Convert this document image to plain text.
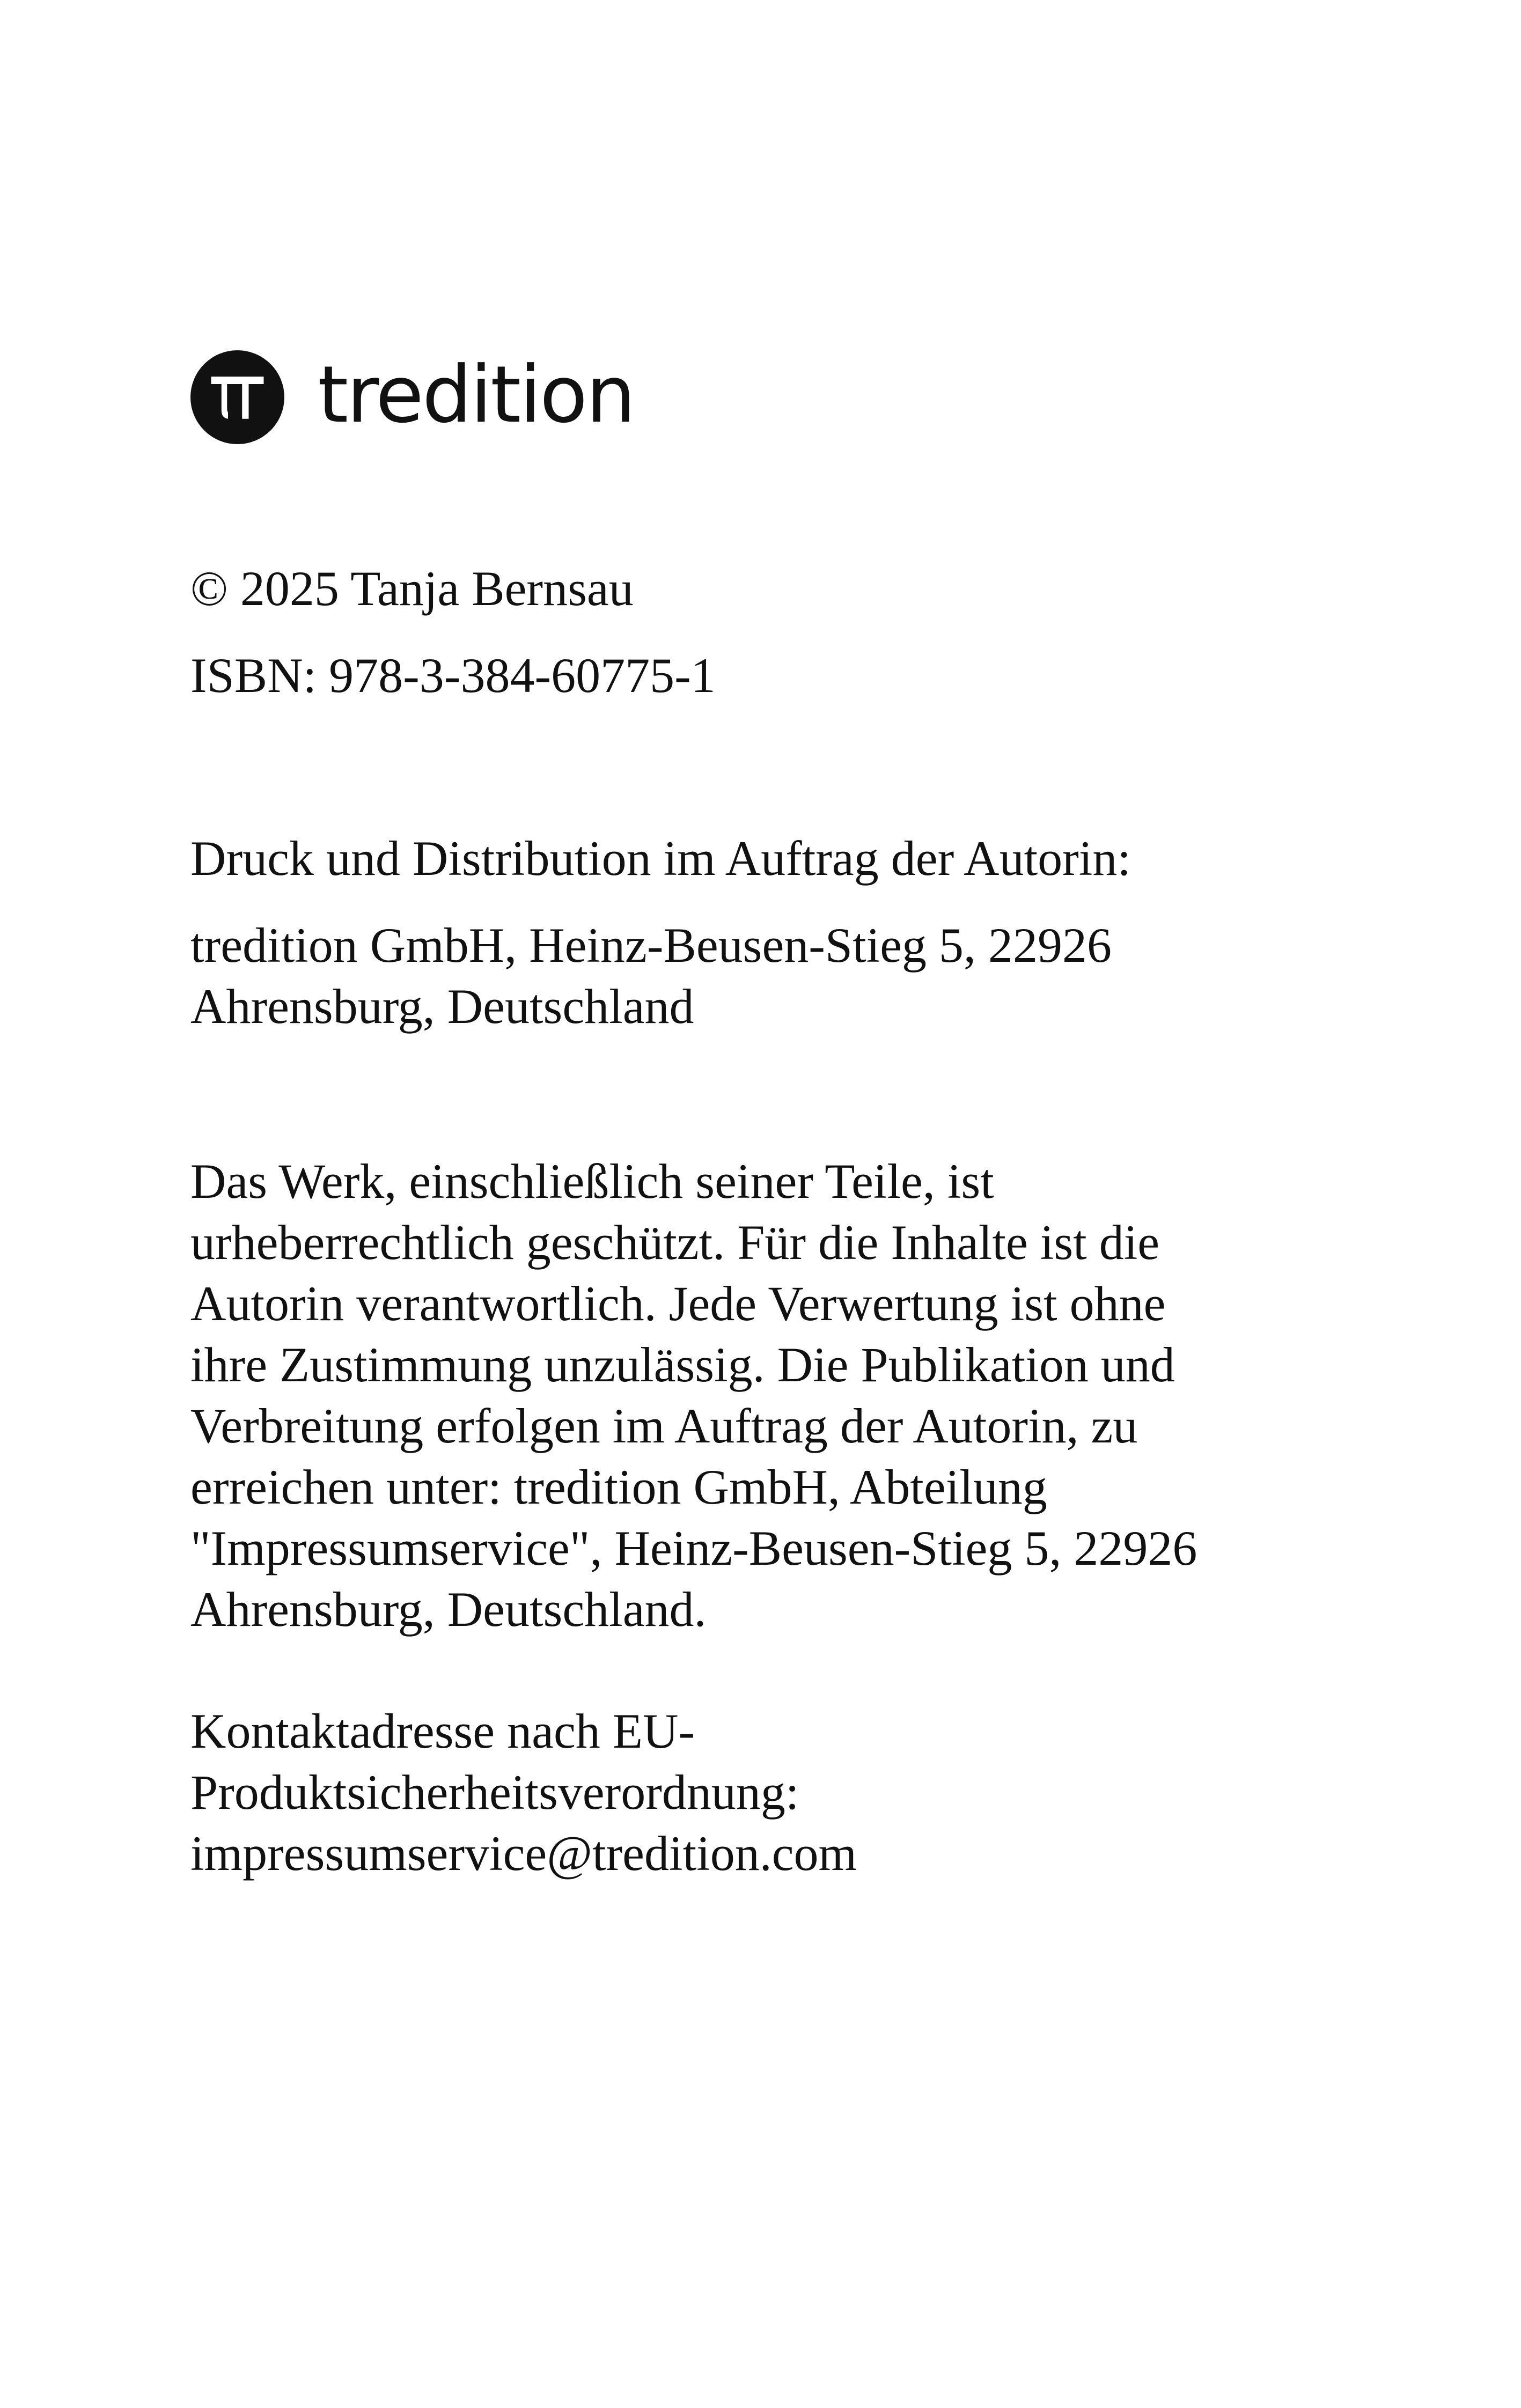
tredition

© 2025 Tanja Bernsau

ISBN: 978-3-384-60775-1

Druck und Distribution im Auftrag der Autorin:

tredition GmbH, Heinz-Beusen-Stieg 5, 22926
Ahrensburg, Deutschland

Das Werk, einschließlich seiner Teile, ist
urheberrechtlich geschützt. Für die Inhalte ist die
Autorin verantwortlich. Jede Verwertung ist ohne
ihre Zustimmung unzulässig. Die Publikation und
Verbreitung erfolgen im Auftrag der Autorin, zu
erreichen unter: tredition GmbH, Abteilung
"Impressumservice", Heinz-Beusen-Stieg 5, 22926
Ahrensburg, Deutschland.

Kontaktadresse nach EU-
Produktsicherheitsverordnung:
impressumservice@tredition.com
